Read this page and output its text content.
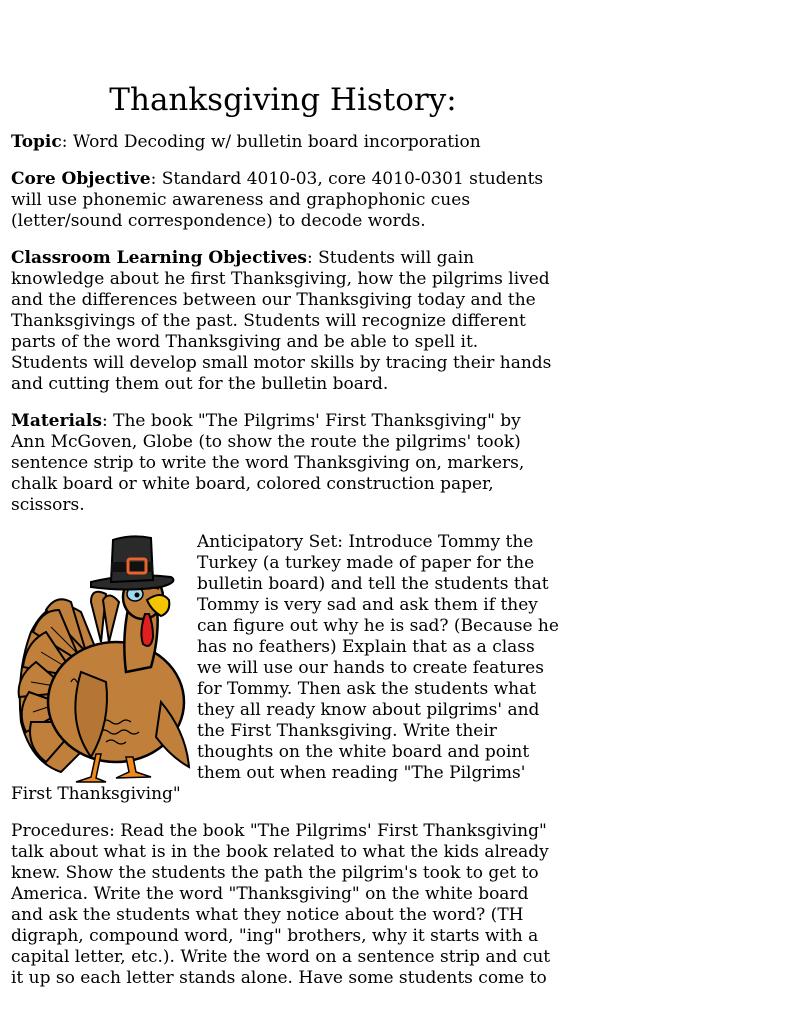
Thanksgiving History:

Topic: Word Decoding w/ bulletin board incorporation

Core Objective: Standard 4010-03, core 4010-0301 students will use phonemic awareness and graphophonic cues (letter/sound correspondence) to decode words.

Classroom Learning Objectives: Students will gain knowledge about he first Thanksgiving, how the pilgrims lived and the differences between our Thanksgiving today and the Thanksgivings of the past. Students will recognize different parts of the word Thanksgiving and be able to spell it. Students will develop small motor skills by tracing their hands and cutting them out for the bulletin board.

Materials: The book "The Pilgrims' First Thanksgiving" by Ann McGoven, Globe (to show the route the pilgrims' took) sentence strip to write the word Thanksgiving on, markers, chalk board or white board, colored construction paper, scissors.

Anticipatory Set: Introduce Tommy the Turkey (a turkey made of paper for the bulletin board) and tell the students that Tommy is very sad and ask them if they can figure out why he is sad? (Because he has no feathers) Explain that as a class we will use our hands to create features for Tommy. Then ask the students what they all ready know about pilgrims' and the First Thanksgiving. Write their thoughts on the white board and point them out when reading "The Pilgrims' First Thanksgiving"

Procedures: Read the book "The Pilgrims' First Thanksgiving" talk about what is in the book related to what the kids already knew. Show the students the path the pilgrim's took to get to America. Write the word "Thanksgiving" on the white board and ask the students what they notice about the word? (TH digraph, compound word, "ing" brothers, why it starts with a capital letter, etc.). Write the word on a sentence strip and cut it up so each letter stands alone. Have some students come to
